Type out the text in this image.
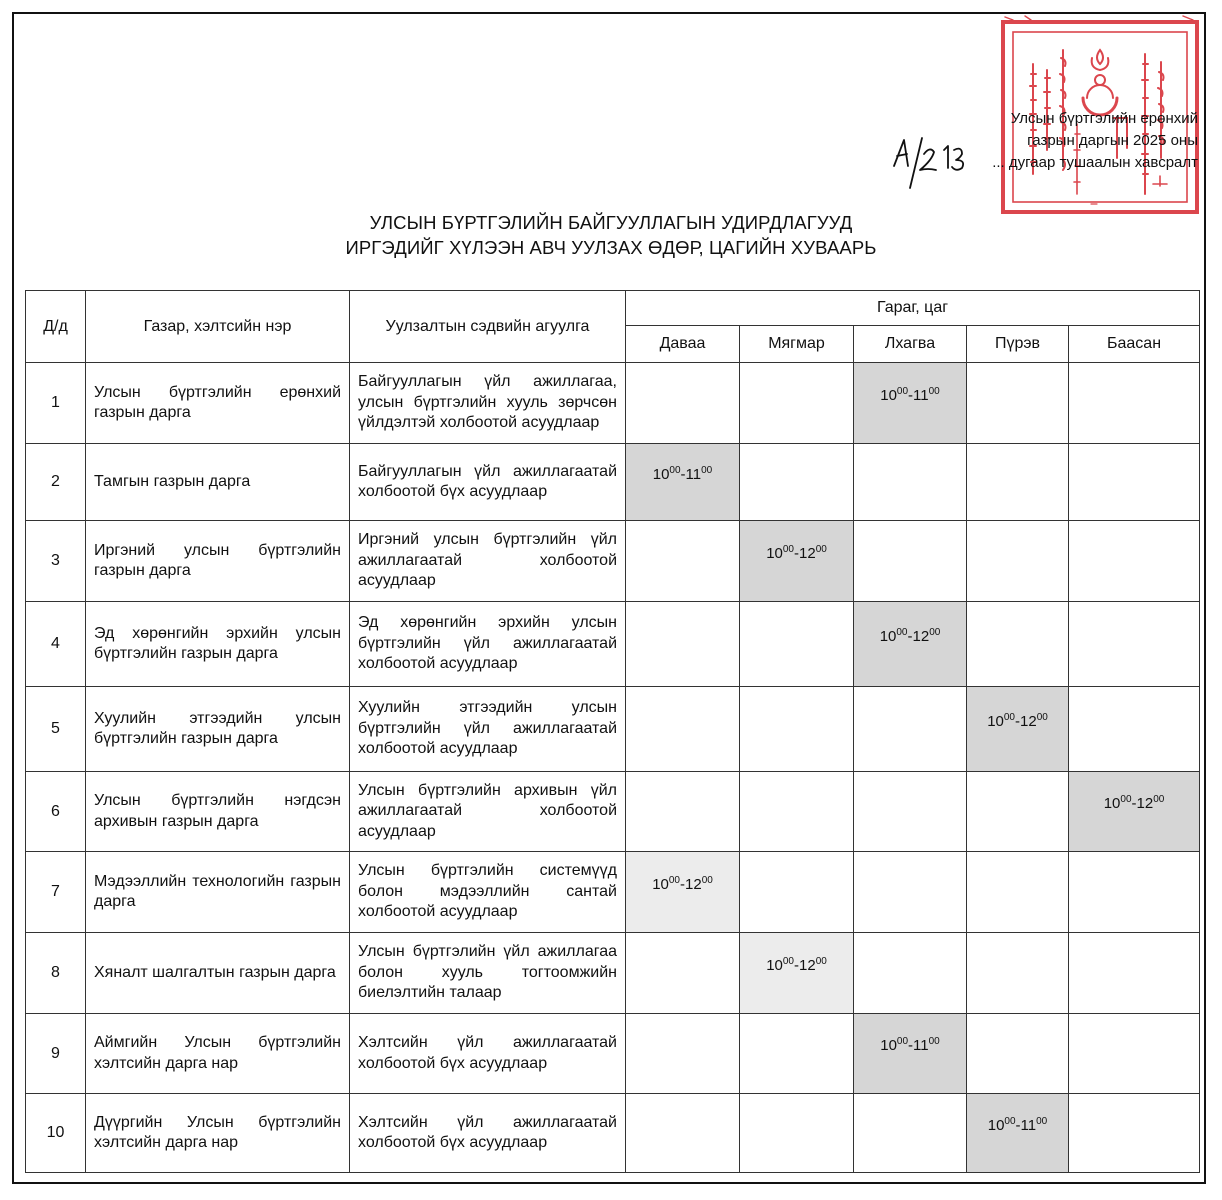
Улсын бүртгэлийн ерөнхий
газрын даргын 2025 оны
... дугаар тушаалын хавсралт
УЛСЫН БҮРТГЭЛИЙН БАЙГУУЛЛАГЫН УДИРДЛАГУУД
ИРГЭДИЙГ ХҮЛЭЭН АВЧ УУЛЗАХ ӨДӨР, ЦАГИЙН ХУВААРЬ
Д/д	Газар, хэлтсийн нэр	Уулзалтын сэдвийн агуулга	Гараг, цаг				
			Даваа	Мягмар	Лхагва	Пүрэв	Баасан
1	Улсын бүртгэлийн ерөнхий газрын дарга	Байгууллагын үйл ажиллагаа, улсын бүртгэлийн хууль зөрчсөн үйлдэлтэй холбоотой асуудлаар			$10^{00}-11^{00}$		
2	Тамгын газрын дарга	Байгууллагын үйл ажиллагаатай холбоотой бүх асуудлаар	$10^{00}-11^{00}$				
3	Иргэний улсын бүртгэлийн газрын дарга	Иргэний улсын бүртгэлийн үйл ажиллагаатай холбоотой асуудлаар		$10^{00}-12^{00}$			
4	Эд хөрөнгийн эрхийн улсын бүртгэлийн газрын дарга	Эд хөрөнгийн эрхийн улсын бүртгэлийн үйл ажиллагаатай холбоотой асуудлаар			$10^{00}-12^{00}$		
5	Хуулийн этгээдийн улсын бүртгэлийн газрын дарга	Хуулийн этгээдийн улсын бүртгэлийн үйл ажиллагаатай холбоотой асуудлаар				$10^{00}-12^{00}$	
6	Улсын бүртгэлийн нэгдсэн архивын газрын дарга	Улсын бүртгэлийн архивын үйл ажиллагаатай холбоотой асуудлаар					$10^{00}-12^{00}$
7	Мэдээллийн технологийн газрын дарга	Улсын бүртгэлийн системүүд болон мэдээллийн сантай холбоотой асуудлаар	$10^{00}-12^{00}$				
8	Хяналт шалгалтын газрын дарга	Улсын бүртгэлийн үйл ажиллагаа болон хууль тогтоомжийн биелэлтийн талаар		$10^{00}-12^{00}$			
9	Аймгийн Улсын бүртгэлийн хэлтсийн дарга нар	Хэлтсийн үйл ажиллагаатай холбоотой бүх асуудлаар			$10^{00}-11^{00}$		
10	Дүүргийн Улсын бүртгэлийн хэлтсийн дарга нар	Хэлтсийн үйл ажиллагаатай холбоотой бүх асуудлаар				$10^{00}-11^{00}$	
